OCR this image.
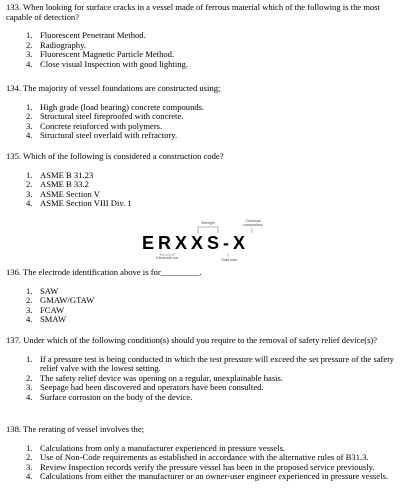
133. When looking for surface cracks in a vessel made of ferrous material which of the following is the most capable of detection?

1. Fluorescent Penetrant Method.
2. Radiography.
3. Fluorescent Magnetic Particle Method.
4. Close visual Inspection with good lighting.

134. The majority of vessel foundations are constructed using;

1. High grade (load bearing) concrete compounds.
2. Structural steel fireproofed with concrete.
3. Concrete reinforced with polymers.
4. Structural steel overlaid with refractory.

135. Which of the following is considered a construction code?

1. ASME B 31.23
2. ASME B 33.2
3. ASME Section V
4. ASME Section VIII Div. 1
Strength	Chemical composition
ERXXS-X
Electrode rod	Solid wire

136. The electrode identification above is for_________.

1. SAW
2. GMAW/GTAW
3. FCAW
4. SMAW

137. Under which of the following condition(s) should you require to the removal of safety relief device(s)?

1. If a pressure test is being conducted in which the test pressure will exceed the set pressure of the safety relief valve with the lowest setting.
2. The safety relief device was opening on a regular, unexplainable basis.
3. Seepage had been discovered and operators have been consulted.
4. Surface corrosion on the body of the device.

138. The rerating of vessel involves the;

1. Calculations from only a manufacturer experienced in pressure vessels.
2. Use of Non-Code requirements as established in accordance with the alternative rules of B31.3.
3. Review Inspection records verify the pressure vessel has been in the proposed service previously.
4. Calculations from either the manufacturer or an owner-user engineer experienced in pressure vessels.
